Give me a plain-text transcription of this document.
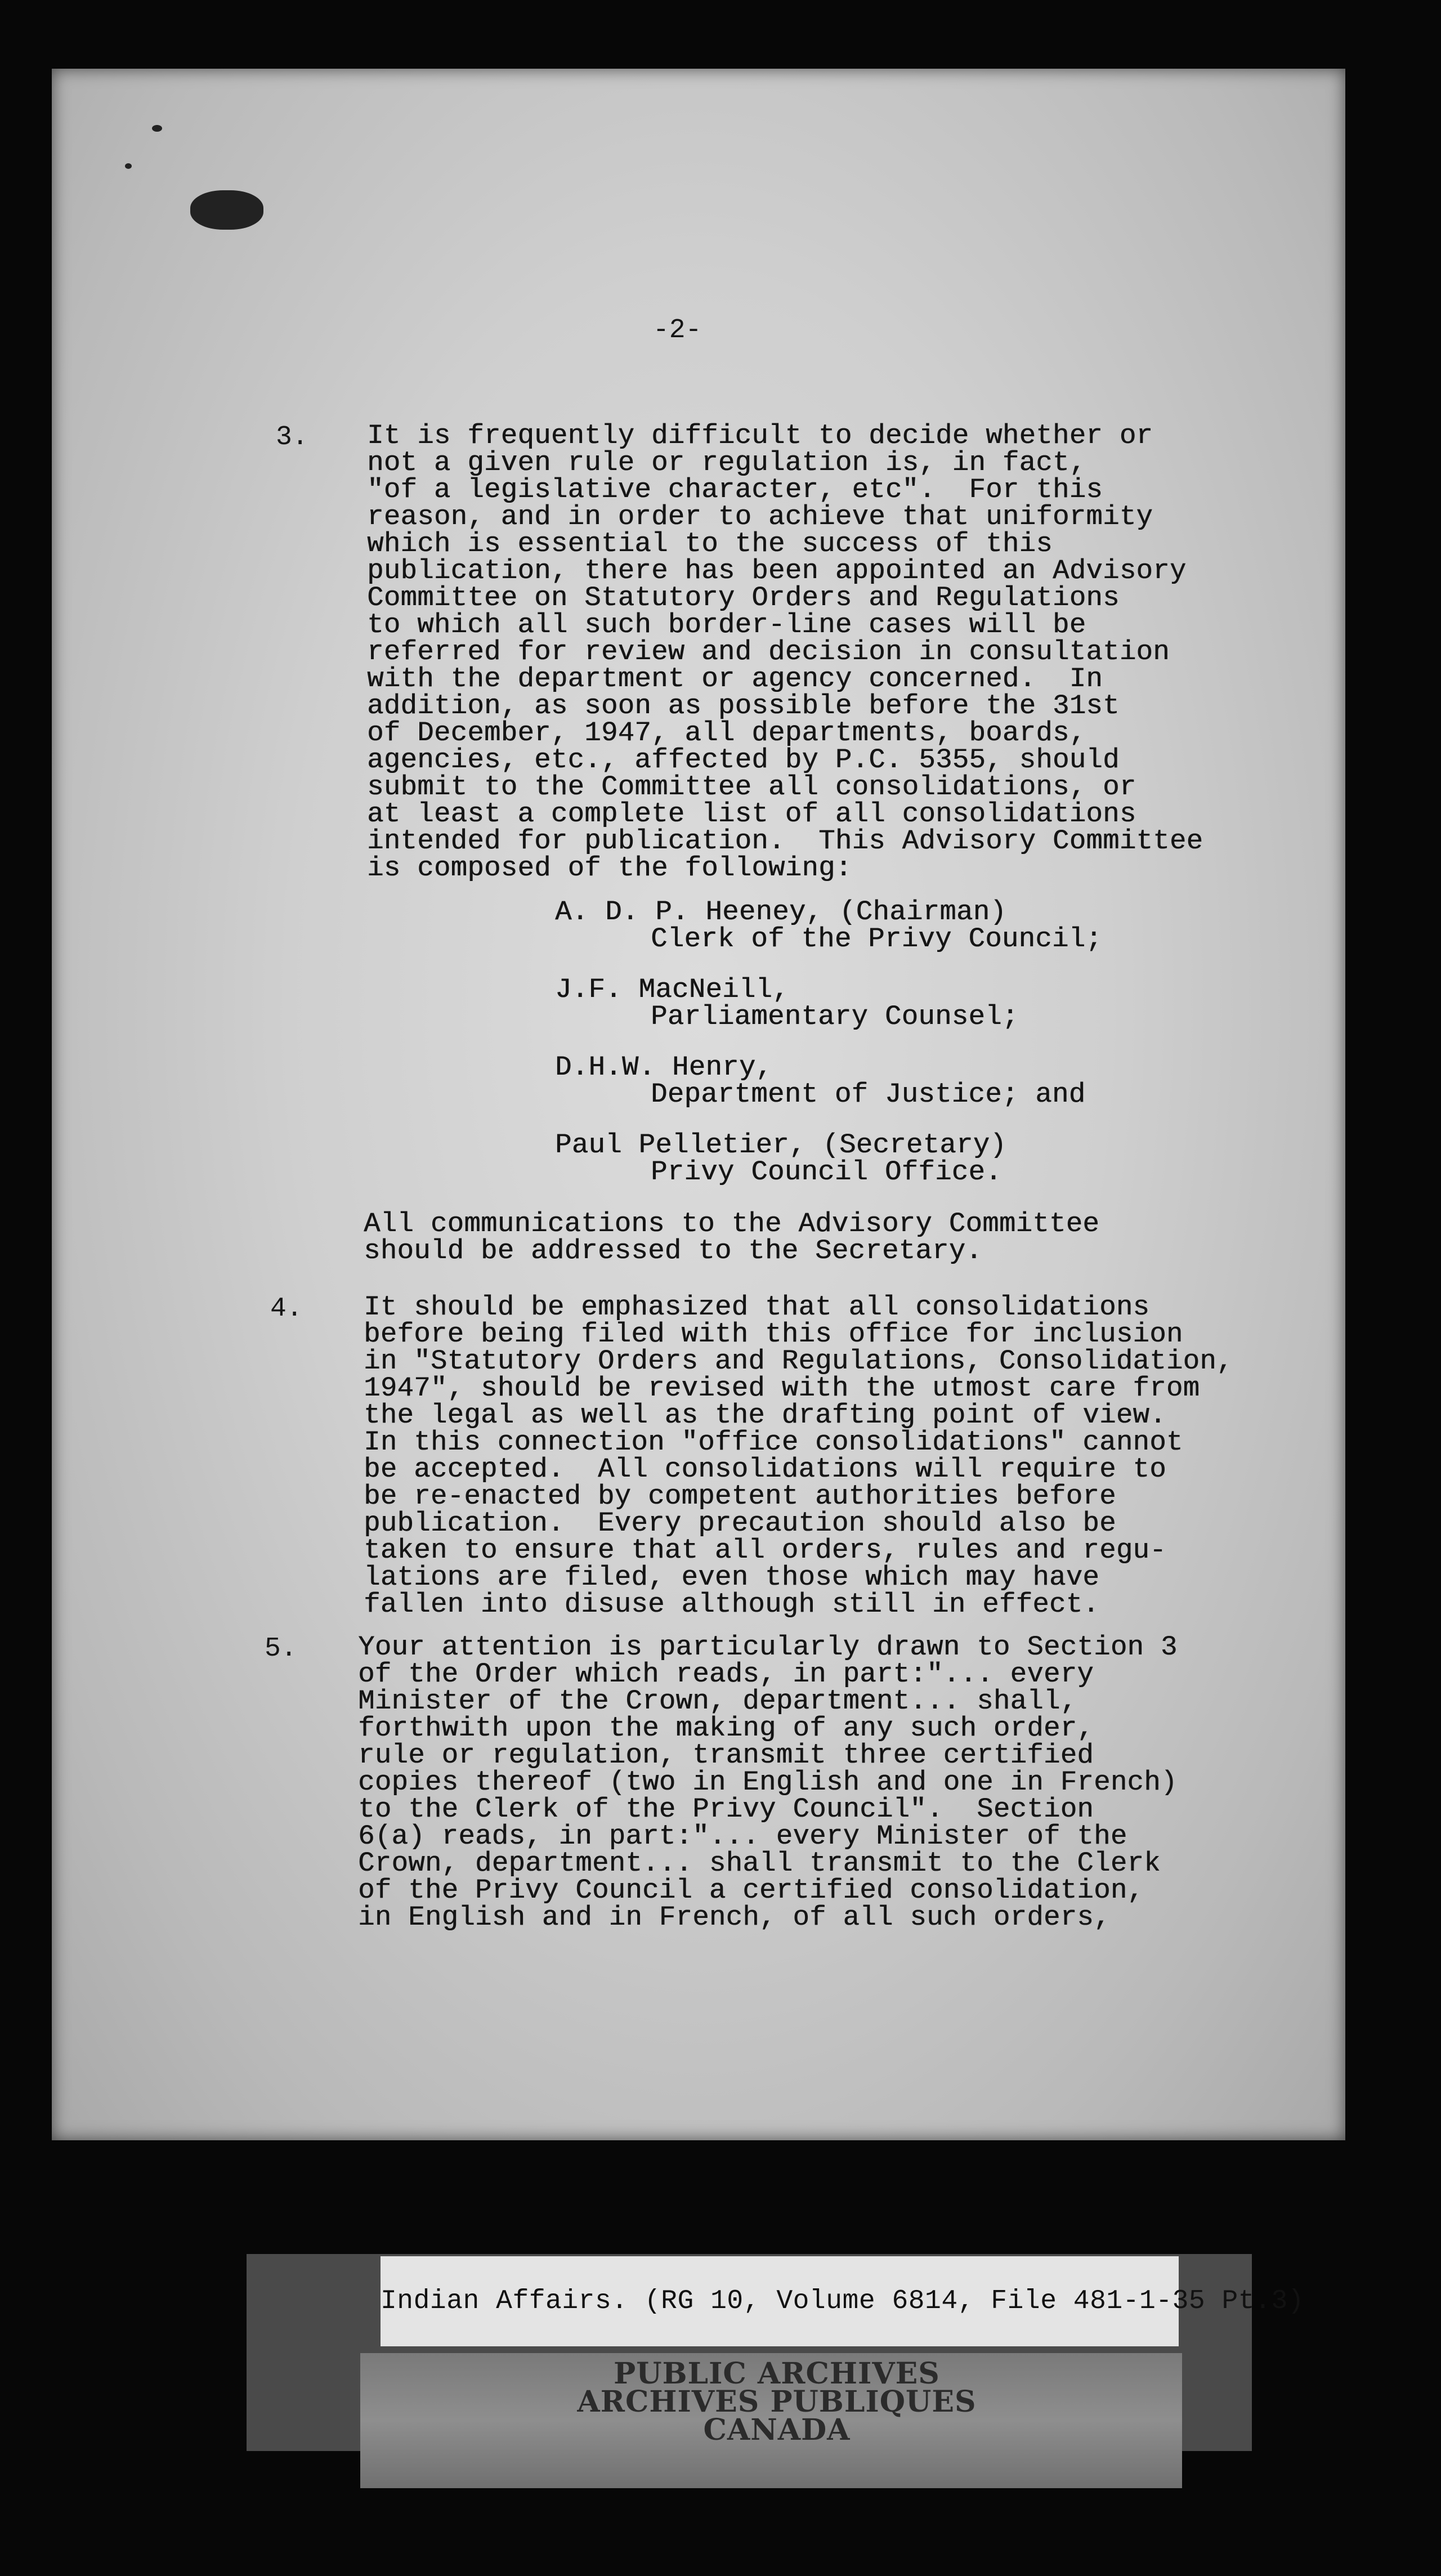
-2-
3.	It is frequently difficult to decide whether or
not a given rule or regulation is, in fact,
"of a legislative character, etc".  For this
reason, and in order to achieve that uniformity
which is essential to the success of this
publication, there has been appointed an Advisory
Committee on Statutory Orders and Regulations
to which all such border-line cases will be
referred for review and decision in consultation
with the department or agency concerned.  In
addition, as soon as possible before the 31st
of December, 1947, all departments, boards,
agencies, etc., affected by P.C. 5355, should
submit to the Committee all consolidations, or
at least a complete list of all consolidations
intended for publication.  This Advisory Committee
is composed of the following:
A. D. P. Heeney, (Chairman)
Clerk of the Privy Council;
J.F. MacNeill,
Parliamentary Counsel;
D.H.W. Henry,
Department of Justice; and
Paul Pelletier, (Secretary)
Privy Council Office.
All communications to the Advisory Committee
should be addressed to the Secretary.
4.	It should be emphasized that all consolidations
before being filed with this office for inclusion
in "Statutory Orders and Regulations, Consolidation,
1947", should be revised with the utmost care from
the legal as well as the drafting point of view.
In this connection "office consolidations" cannot
be accepted.  All consolidations will require to
be re-enacted by competent authorities before
publication.  Every precaution should also be
taken to ensure that all orders, rules and regu-
lations are filed, even those which may have
fallen into disuse although still in effect.
5.	Your attention is particularly drawn to Section 3
of the Order which reads, in part:"... every
Minister of the Crown, department... shall,
forthwith upon the making of any such order,
rule or regulation, transmit three certified
copies thereof (two in English and one in French)
to the Clerk of the Privy Council".  Section
6(a) reads, in part:"... every Minister of the
Crown, department... shall transmit to the Clerk
of the Privy Council a certified consolidation,
in English and in French, of all such orders,
Indian Affairs. (RG 10, Volume 6814, File 481-1-35 Pt.3)
PUBLIC ARCHIVES
ARCHIVES PUBLIQUES
CANADA
